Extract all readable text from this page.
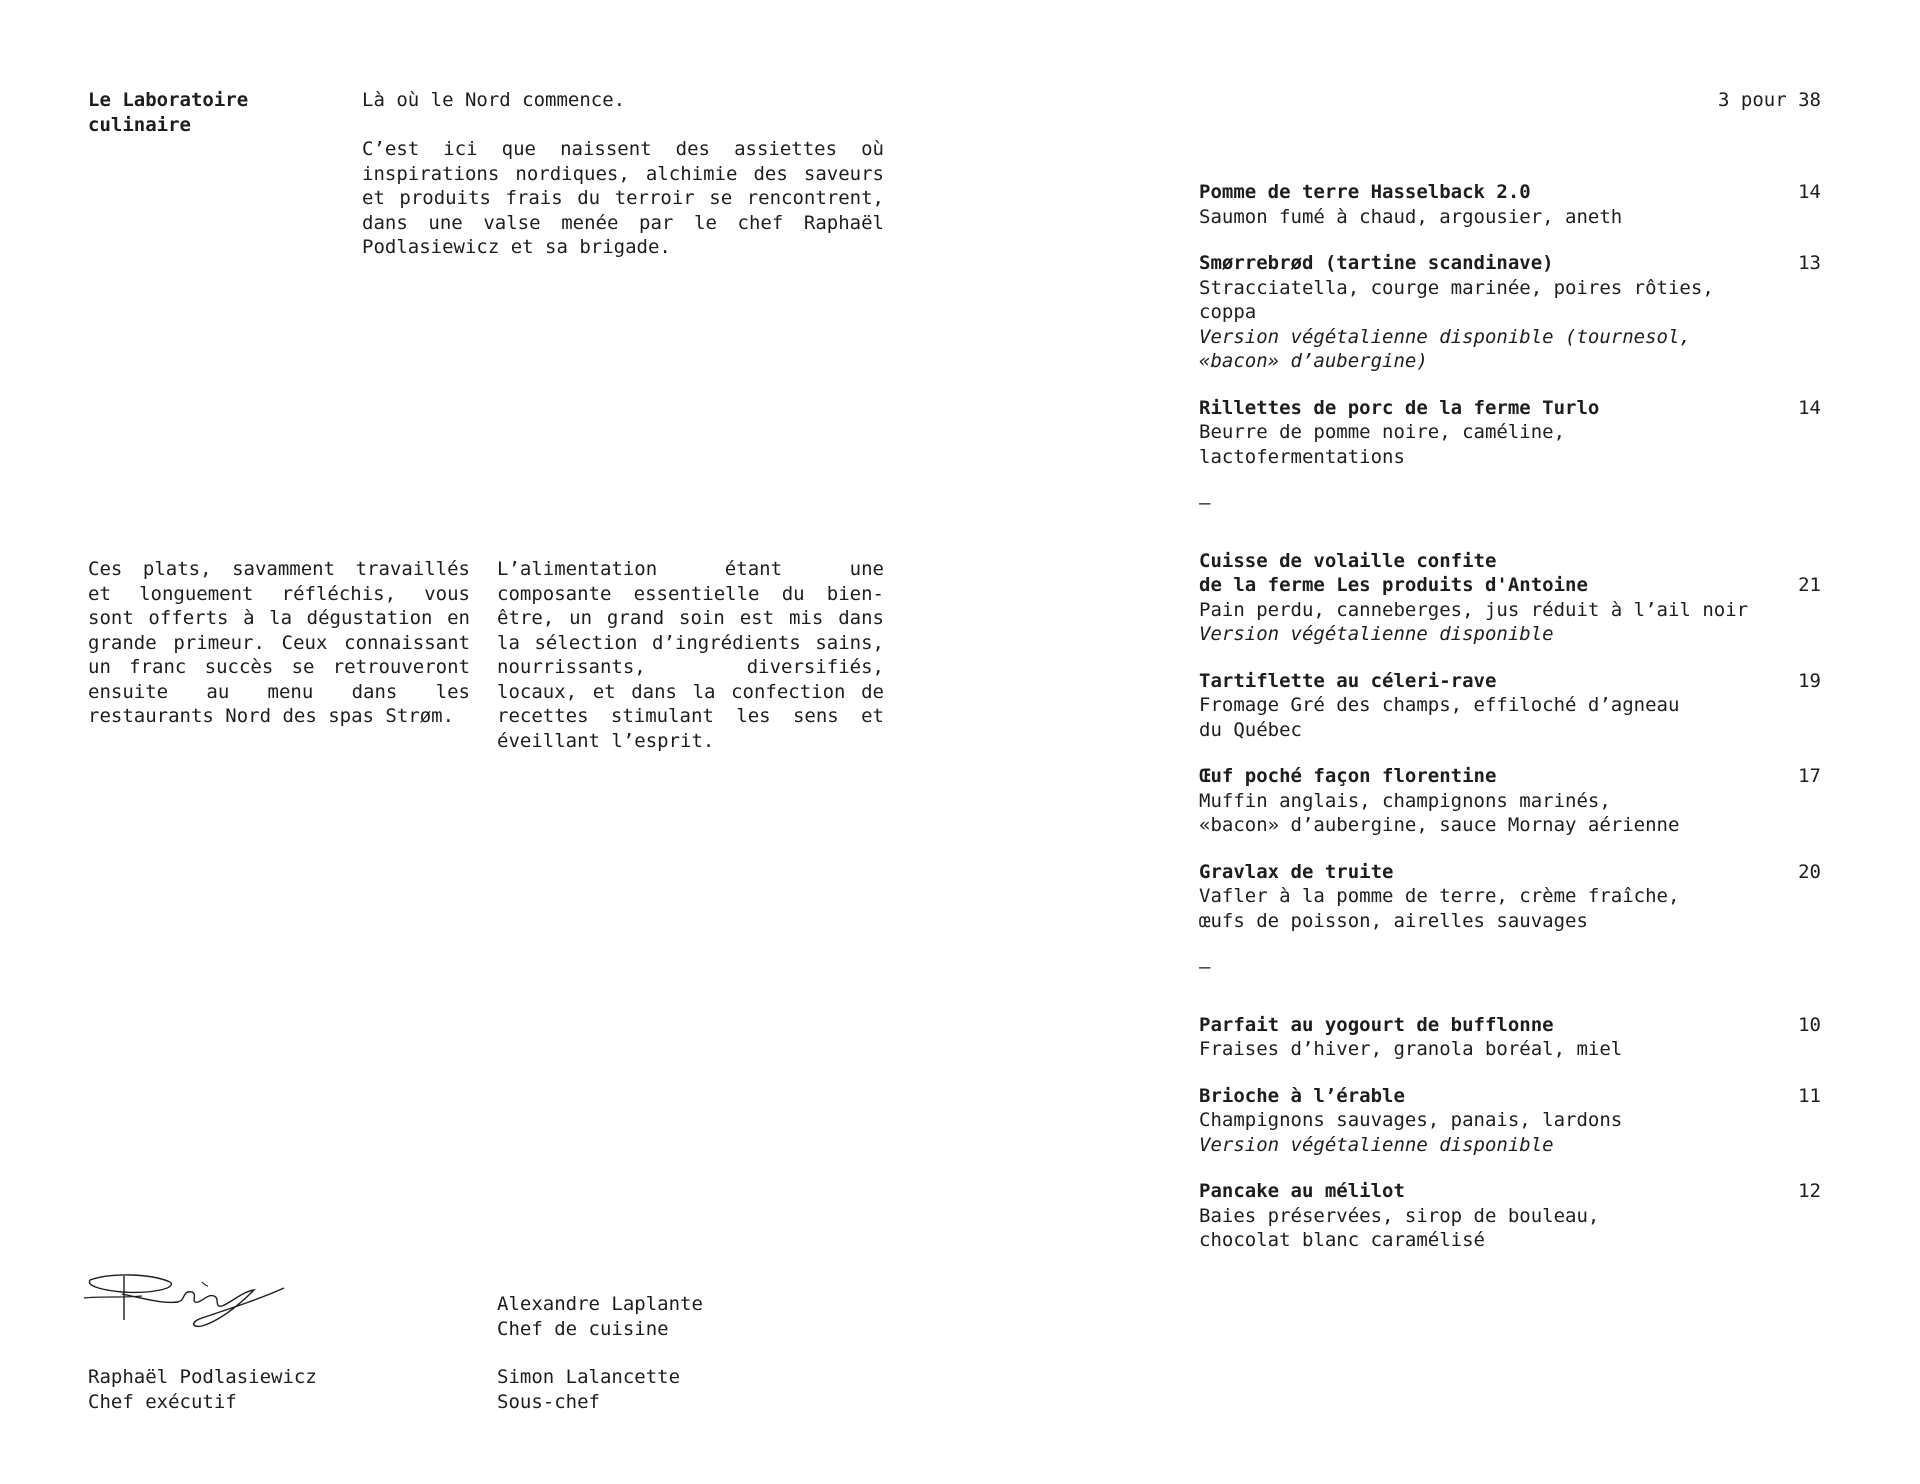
Le Laboratoire
culinaire

Là où le Nord commence.

C’est ici que naissent des assiettes où inspirations nordiques, alchimie des saveurs et produits frais du terroir se rencontrent, dans une valse menée par le chef Raphaël Podlasiewicz et sa brigade.

Ces plats, savamment travaillés et longuement réfléchis, vous sont offerts à la dégustation en grande primeur. Ceux connaissant un franc succès se retrouveront ensuite au menu dans les restaurants Nord des spas Strøm.

L’alimentation étant une composante essentielle du bien-être, un grand soin est mis dans la sélection d’ingrédients sains, nourrissants, diversifiés, locaux, et dans la confection de recettes stimulant les sens et éveillant l’esprit.

Raphaël Podlasiewicz
Chef exécutif
Alexandre Laplante
Chef de cuisine
Simon Lalancette
Sous-chef
3 pour 38
Pomme de terre Hasselback 2.0
Saumon fumé à chaud, argousier, aneth
14
Smørrebrød (tartine scandinave)
Stracciatella, courge marinée, poires rôties, coppa
Version végétalienne disponible (tournesol, «bacon» d’aubergine)
13
Rillettes de porc de la ferme Turlo
Beurre de pomme noire, caméline, lactofermentations
14
—
Cuisse de volaille confite
de la ferme Les produits d'Antoine
Pain perdu, canneberges, jus réduit à l’ail noir
Version végétalienne disponible
21
Tartiflette au céleri-rave
Fromage Gré des champs, effiloché d’agneau
du Québec
19
Œuf poché façon florentine
Muffin anglais, champignons marinés,
«bacon» d’aubergine, sauce Mornay aérienne
17
Gravlax de truite
Vafler à la pomme de terre, crème fraîche,
œufs de poisson, airelles sauvages
20
—
Parfait au yogourt de bufflonne
Fraises d’hiver, granola boréal, miel
10
Brioche à l’érable
Champignons sauvages, panais, lardons
Version végétalienne disponible
11
Pancake au mélilot
Baies préservées, sirop de bouleau,
chocolat blanc caramélisé
12
